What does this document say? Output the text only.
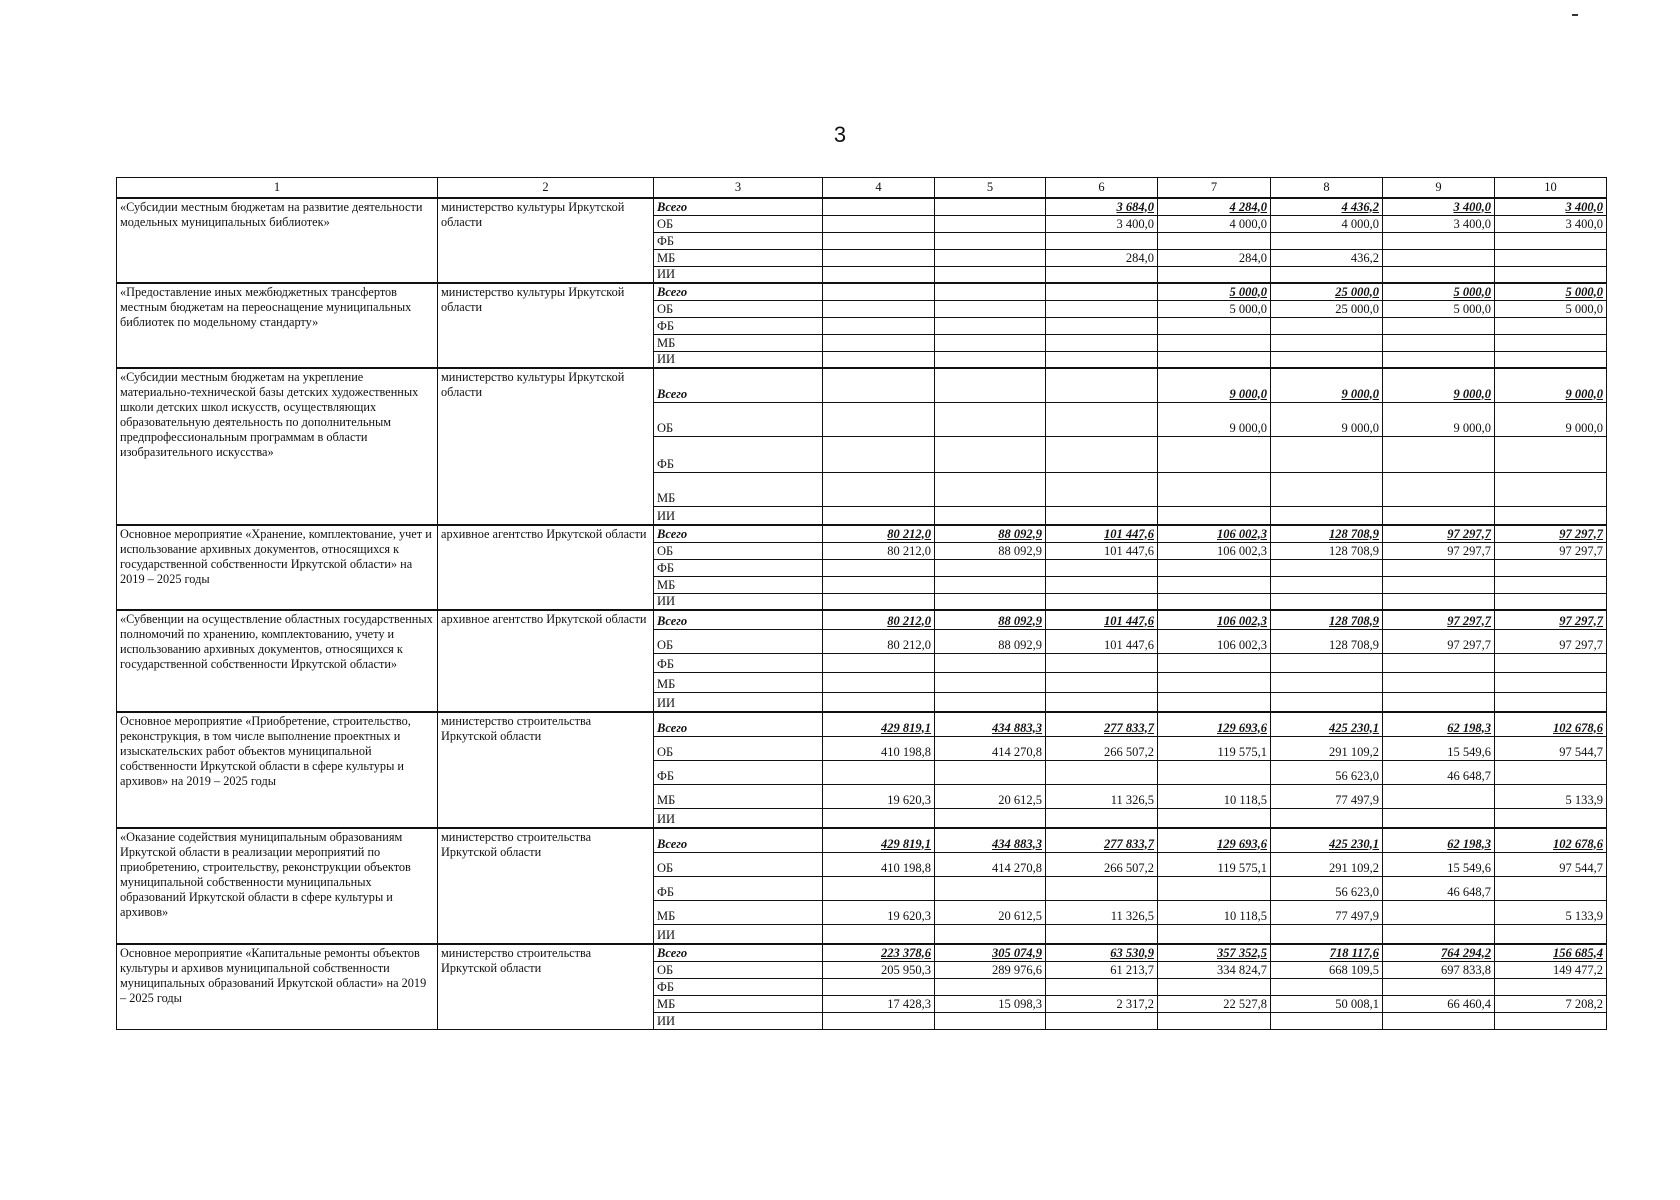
3
1	2	3	4	5	6	7	8	9	10
«Субсидии местным бюджетам на развитие деятельности модельных муниципальных библиотек»	министерство культуры Иркутской области	Всего			3 684,0	4 284,0	4 436,2	3 400,0	3 400,0
		ОБ			3 400,0	4 000,0	4 000,0	3 400,0	3 400,0
		ФБ							
		МБ			284,0	284,0	436,2		
		ИИ							
«Предоставление иных межбюджетных трансфертов местным бюджетам на переоснащение муниципальных библиотек по модельному стандарту»	министерство культуры Иркутской области	Всего				5 000,0	25 000,0	5 000,0	5 000,0
		ОБ				5 000,0	25 000,0	5 000,0	5 000,0
		ФБ							
		МБ							
		ИИ							
«Субсидии местным бюджетам на укрепление материально-технической базы детских художественных школи детских школ искусств, осуществляющих образовательную деятельность по дополнительным предпрофессиональным программам в области изобразительного искусства»	министерство культуры Иркутской области	Всего				9 000,0	9 000,0	9 000,0	9 000,0
		ОБ				9 000,0	9 000,0	9 000,0	9 000,0
		ФБ							
		МБ							
		ИИ							
Основное мероприятие «Хранение, комплектование, учет и использование архивных документов, относящихся к государственной собственности Иркутской области» на 2019 – 2025 годы	архивное агентство Иркутской области	Всего	80 212,0	88 092,9	101 447,6	106 002,3	128 708,9	97 297,7	97 297,7
		ОБ	80 212,0	88 092,9	101 447,6	106 002,3	128 708,9	97 297,7	97 297,7
		ФБ							
		МБ							
		ИИ							
«Субвенции на осуществление областных государственных полномочий по хранению, комплектованию, учету и использованию архивных документов, относящихся к государственной собственности Иркутской области»	архивное агентство Иркутской области	Всего	80 212,0	88 092,9	101 447,6	106 002,3	128 708,9	97 297,7	97 297,7
		ОБ	80 212,0	88 092,9	101 447,6	106 002,3	128 708,9	97 297,7	97 297,7
		ФБ							
		МБ							
		ИИ							
Основное мероприятие «Приобретение, строительство, реконструкция, в том числе выполнение проектных и изыскательских работ объектов муниципальной собственности Иркутской области в сфере культуры и архивов» на 2019 – 2025 годы	министерство строительства Иркутской области	Всего	429 819,1	434 883,3	277 833,7	129 693,6	425 230,1	62 198,3	102 678,6
		ОБ	410 198,8	414 270,8	266 507,2	119 575,1	291 109,2	15 549,6	97 544,7
		ФБ					56 623,0	46 648,7	
		МБ	19 620,3	20 612,5	11 326,5	10 118,5	77 497,9		5 133,9
		ИИ							
«Оказание содействия муниципальным образованиям Иркутской области в реализации мероприятий по приобретению, строительству, реконструкции объектов муниципальной собственности муниципальных образований Иркутской области в сфере культуры и архивов»	министерство строительства Иркутской области	Всего	429 819,1	434 883,3	277 833,7	129 693,6	425 230,1	62 198,3	102 678,6
		ОБ	410 198,8	414 270,8	266 507,2	119 575,1	291 109,2	15 549,6	97 544,7
		ФБ					56 623,0	46 648,7	
		МБ	19 620,3	20 612,5	11 326,5	10 118,5	77 497,9		5 133,9
		ИИ							
Основное мероприятие «Капитальные ремонты объектов культуры и архивов муниципальной собственности муниципальных образований Иркутской области» на 2019 – 2025 годы	министерство строительства Иркутской области	Всего	223 378,6	305 074,9	63 530,9	357 352,5	718 117,6	764 294,2	156 685,4
		ОБ	205 950,3	289 976,6	61 213,7	334 824,7	668 109,5	697 833,8	149 477,2
		ФБ							
		МБ	17 428,3	15 098,3	2 317,2	22 527,8	50 008,1	66 460,4	7 208,2
		ИИ							
